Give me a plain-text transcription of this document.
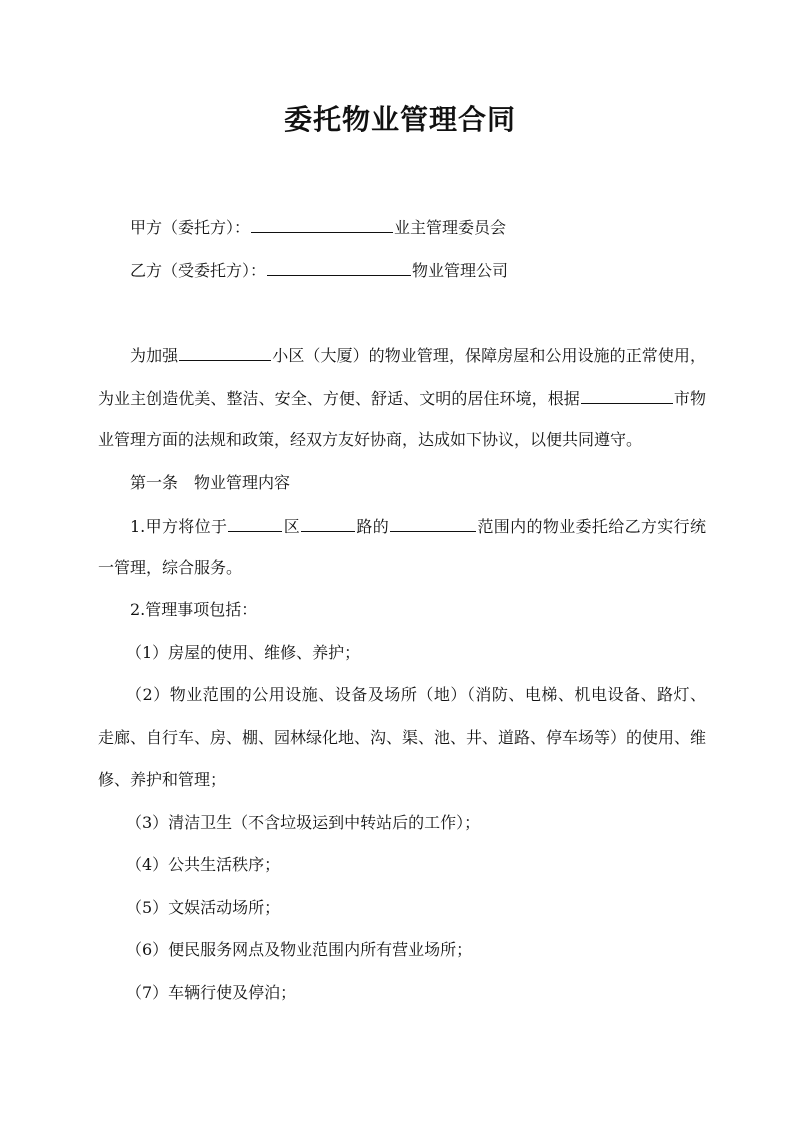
委托物业管理合同
甲方（委托方）：	业主管理委员会
乙方（受委托方）：	物业管理公司
为加强	小区（大厦）的物业管理，保障房屋和公用设施的正常使用，
为业主创造优美、整洁、安全、方便、舒适、文明的居住环境，根据	市物
业管理方面的法规和政策，经双方友好协商，达成如下协议，以便共同遵守。
第一条　物业管理内容
1.甲方将位于	区	路的	范围内的物业委托给乙方实行统
一管理，综合服务。
2.管理事项包括：
（1）房屋的使用、维修、养护；
（2）物业范围的公用设施、设备及场所（地）（消防、电梯、机电设备、路灯、
走廊、自行车、房、棚、园林绿化地、沟、渠、池、井、道路、停车场等）的使用、维
修、养护和管理；
（3）清洁卫生（不含垃圾运到中转站后的工作）；
（4）公共生活秩序；
（5）文娱活动场所；
（6）便民服务网点及物业范围内所有营业场所；
（7）车辆行使及停泊；
